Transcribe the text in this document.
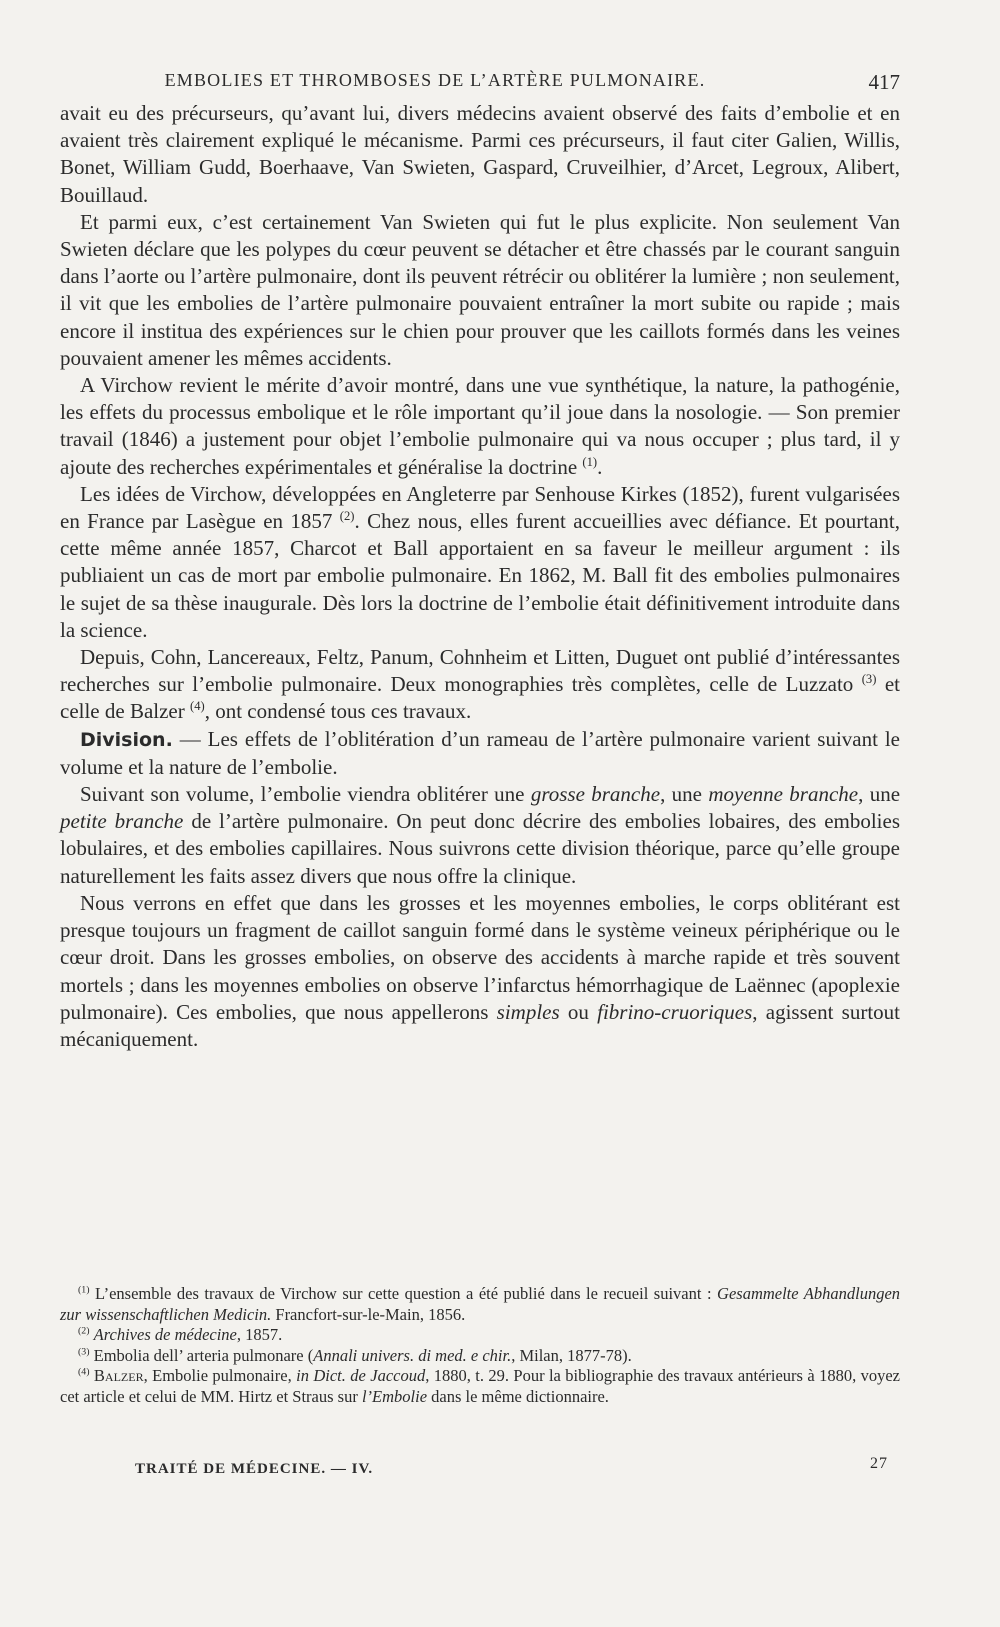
EMBOLIES ET THROMBOSES DE L’ARTÈRE PULMONAIRE.	417

avait eu des précurseurs, qu’avant lui, divers médecins avaient observé des faits d’embolie et en avaient très clairement expliqué le mécanisme. Parmi ces précurseurs, il faut citer Galien, Willis, Bonet, William Gudd, Boerhaave, Van Swieten, Gaspard, Cruveilhier, d’Arcet, Legroux, Alibert, Bouillaud.

Et parmi eux, c’est certainement Van Swieten qui fut le plus explicite. Non seulement Van Swieten déclare que les polypes du cœur peuvent se détacher et être chassés par le courant sanguin dans l’aorte ou l’artère pulmonaire, dont ils peuvent rétrécir ou oblitérer la lumière ; non seulement, il vit que les embolies de l’artère pulmonaire pouvaient entraîner la mort subite ou rapide ; mais encore il institua des expériences sur le chien pour prouver que les caillots formés dans les veines pouvaient amener les mêmes accidents.

A Virchow revient le mérite d’avoir montré, dans une vue synthétique, la nature, la pathogénie, les effets du processus embolique et le rôle important qu’il joue dans la nosologie. — Son premier travail (1846) a justement pour objet l’embolie pulmonaire qui va nous occuper ; plus tard, il y ajoute des recherches expérimentales et généralise la doctrine $^{(1)}$.

Les idées de Virchow, développées en Angleterre par Senhouse Kirkes (1852), furent vulgarisées en France par Lasègue en 1857 $^{(2)}$. Chez nous, elles furent accueillies avec défiance. Et pourtant, cette même année 1857, Charcot et Ball apportaient en sa faveur le meilleur argument : ils publiaient un cas de mort par embolie pulmonaire. En 1862, M. Ball fit des embolies pulmonaires le sujet de sa thèse inaugurale. Dès lors la doctrine de l’embolie était définitivement introduite dans la science.

Depuis, Cohn, Lancereaux, Feltz, Panum, Cohnheim et Litten, Duguet ont publié d’intéressantes recherches sur l’embolie pulmonaire. Deux monographies très complètes, celle de Luzzato $^{(3)}$ et celle de Balzer $^{(4)}$, ont condensé tous ces travaux.

Division. — Les effets de l’oblitération d’un rameau de l’artère pulmonaire varient suivant le volume et la nature de l’embolie.

Suivant son volume, l’embolie viendra oblitérer une grosse branche, une moyenne branche, une petite branche de l’artère pulmonaire. On peut donc décrire des embolies lobaires, des embolies lobulaires, et des embolies capillaires. Nous suivrons cette division théorique, parce qu’elle groupe naturellement les faits assez divers que nous offre la clinique.

Nous verrons en effet que dans les grosses et les moyennes embolies, le corps oblitérant est presque toujours un fragment de caillot sanguin formé dans le système veineux périphérique ou le cœur droit. Dans les grosses embolies, on observe des accidents à marche rapide et très souvent mortels ; dans les moyennes embolies on observe l’infarctus hémorrhagique de Laënnec (apoplexie pulmonaire). Ces embolies, que nous appellerons simples ou fibrino-cruoriques, agissent surtout mécaniquement.

$^{(1)}$ L’ensemble des travaux de Virchow sur cette question a été publié dans le recueil suivant : Gesammelte Abhandlungen zur wissenschaftlichen Medicin. Francfort-sur-le-Main, 1856.

$^{(2)}$ Archives de médecine, 1857.

$^{(3)}$ Embolia dell’ arteria pulmonare (Annali univers. di med. e chir., Milan, 1877-78).

$^{(4)}$ Balzer, Embolie pulmonaire, in Dict. de Jaccoud, 1880, t. 29. Pour la bibliographie des travaux antérieurs à 1880, voyez cet article et celui de MM. Hirtz et Straus sur l’Embolie dans le même dictionnaire.

TRAITÉ DE MÉDECINE. — IV.	27
